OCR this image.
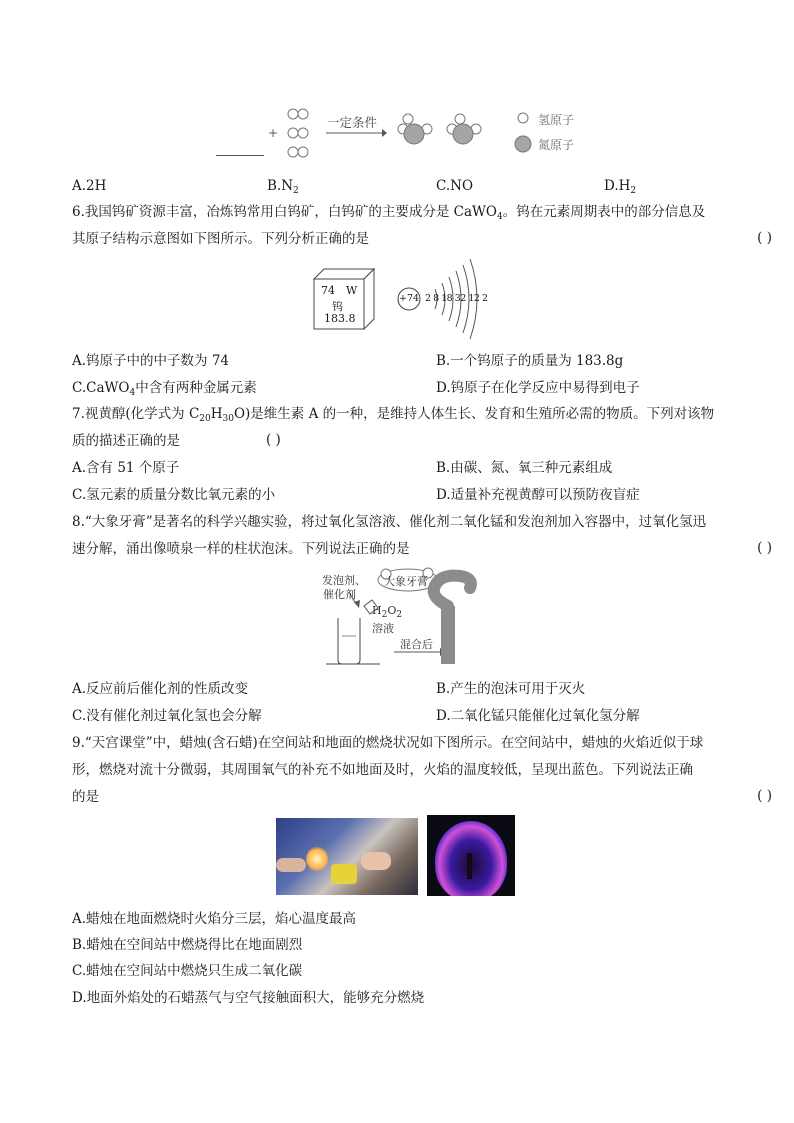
+
一定条件	氢原子
氮原子
A.2H	$B.N_2$	C.NO	$D.H_2$
6.我国钨矿资源丰富，冶炼钨常用白钨矿，白钨矿的主要成分是 CaWO$_4$。钨在元素周期表中的部分信息及
其原子结构示意图如下图所示。下列分析正确的是	( )
74 W
钨
183.8
+74 2 8 18 32 12 2
A.钨原子中的中子数为 74	B.一个钨原子的质量为 183.8g
C.CaWO$_4$中含有两种金属元素	D.钨原子在化学反应中易得到电子
7.视黄醇(化学式为 $C_{20}H_{30}O$)是维生素 A 的一种，是维持人体生长、发育和生殖所必需的物质。下列对该物
质的描述正确的是	( )
A.含有 51 个原子	B.由碳、氮、氧三种元素组成
C.氢元素的质量分数比氧元素的小	D.适量补充视黄醇可以预防夜盲症
8.“大象牙膏”是著名的科学兴趣实验，将过氧化氢溶液、催化剂二氧化锰和发泡剂加入容器中，过氧化氢迅
速分解，涌出像喷泉一样的柱状泡沫。下列说法正确的是	( )
发泡剂、
催化剂
大象牙膏
$H_2O_2$
溶液
混合后
A.反应前后催化剂的性质改变	B.产生的泡沫可用于灭火
C.没有催化剂过氧化氢也会分解	D.二氧化锰只能催化过氧化氢分解
9.“天宫课堂”中，蜡烛(含石蜡)在空间站和地面的燃烧状况如下图所示。在空间站中，蜡烛的火焰近似于球
形，燃烧对流十分微弱，其周围氧气的补充不如地面及时，火焰的温度较低，呈现出蓝色。下列说法正确
的是	( )
A.蜡烛在地面燃烧时火焰分三层，焰心温度最高
B.蜡烛在空间站中燃烧得比在地面剧烈
C.蜡烛在空间站中燃烧只生成二氧化碳
D.地面外焰处的石蜡蒸气与空气接触面积大，能够充分燃烧
